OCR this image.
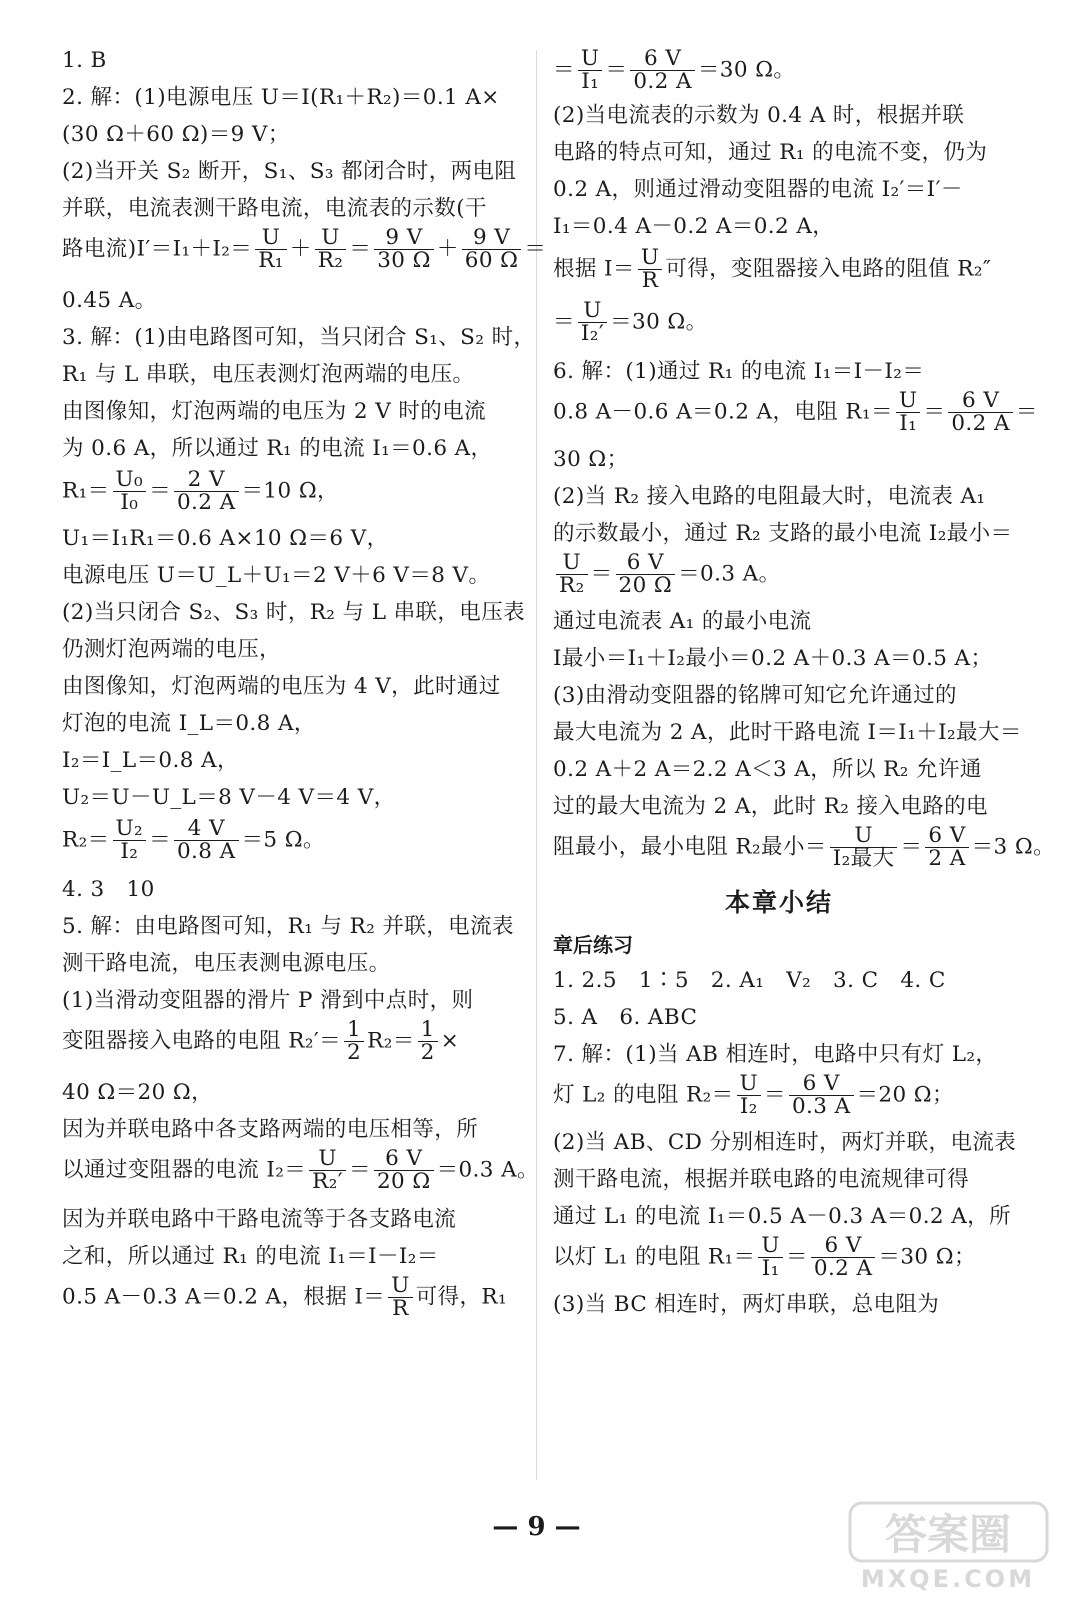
1. B
2. 解：(1)电源电压 U＝I(R₁＋R₂)＝0.1 A×
(30 Ω＋60 Ω)＝9 V；
(2)当开关 S₂ 断开，S₁、S₃ 都闭合时，两电阻
并联，电流表测干路电流，电流表的示数(干
路电流)$I'=I_1+I_2= \frac{U}{\text{R₁}} + \frac{U}{\text{R₂}} = \frac{9 V}{30 \Omega} + \frac{9 V}{60 \Omega}$ ＝
0.45 A。
3. 解：(1)由电路图可知，当只闭合 S₁、S₂ 时，
R₁ 与 L 串联，电压表测灯泡两端的电压。
由图像知，灯泡两端的电压为 2 V 时的电流
为 0.6 A，所以通过 R₁ 的电流 I₁＝0.6 A，
$R_1= \frac{\text{U₀}}{\text{I₀}} = \frac{2 V}{0.2 A} =10$ Ω，
U₁＝I₁R₁＝0.6 A×10 Ω＝6 V，
电源电压 U＝U_L＋U₁＝2 V＋6 V＝8 V。
(2)当只闭合 S₂、S₃ 时，R₂ 与 L 串联，电压表
仍测灯泡两端的电压，
由图像知，灯泡两端的电压为 4 V，此时通过
灯泡的电流 I_L＝0.8 A，
I₂＝I_L＝0.8 A，
U₂＝U－U_L＝8 V－4 V＝4 V，
$R_2= \frac{\text{U₂}}{\text{I₂}} = \frac{4 V}{0.8 A} =5$ Ω。
4. 3　10
5. 解：由电路图可知，R₁ 与 R₂ 并联，电流表
测干路电流，电压表测电源电压。
(1)当滑动变阻器的滑片 P 滑到中点时，则
变阻器接入电路的电阻 $R_2'= \frac{1}{2} R_2= \frac{1}{2}$ ×
40 Ω＝20 Ω，
因为并联电路中各支路两端的电压相等，所
以通过变阻器的电流 $I_2= \frac{U}{\text{R₂′}} = \frac{6 V}{20 \Omega} =0.3$ A。
因为并联电路中干路电流等于各支路电流
之和，所以通过 R₁ 的电流 I₁＝I－I₂＝
0.5 A－0.3 A＝0.2 A，根据 $I= \frac{U}{R}$ 可得，R₁
＝ $\frac{U}{\text{I₁}} = \frac{6 V}{0.2 A} =30$ Ω。
(2)当电流表的示数为 0.4 A 时，根据并联
电路的特点可知，通过 R₁ 的电流不变，仍为
0.2 A，则通过滑动变阻器的电流 I₂′＝I′－
I₁＝0.4 A－0.2 A＝0.2 A，
根据 $I= \frac{U}{R}$ 可得，变阻器接入电路的阻值 R₂″
＝ $\frac{U}{\text{I₂′}} =30$ Ω。
6. 解：(1)通过 R₁ 的电流 I₁＝I－I₂＝
0.8 A－0.6 A＝0.2 A，电阻 $R_1= \frac{U}{\text{I₁}} = \frac{6 V}{0.2 A}$ ＝
30 Ω；
(2)当 R₂ 接入电路的电阻最大时，电流表 A₁
的示数最小，通过 R₂ 支路的最小电流 I₂最小＝
$\frac{U}{\text{R₂}} = \frac{6 V}{20 \Omega} =0.3$ A。
通过电流表 A₁ 的最小电流
I最小＝I₁＋I₂最小＝0.2 A＋0.3 A＝0.5 A；
(3)由滑动变阻器的铭牌可知它允许通过的
最大电流为 2 A，此时干路电流 I＝I₁＋I₂最大＝
0.2 A＋2 A＝2.2 A＜3 A，所以 R₂ 允许通
过的最大电流为 2 A，此时 R₂ 接入电路的电
阻最小，最小电阻 R₂最小＝	U
I₂最大 ＝ $\frac{6 V}{2 A} =3$ Ω。
本章小结
章后练习
1. 2.5　1∶5　2. A₁　V₂　3. C　4. C
5. A　6. ABC
7. 解：(1)当 AB 相连时，电路中只有灯 L₂，
灯 L₂ 的电阻 $R_2= \frac{U}{\text{I₂}} = \frac{6 V}{0.3 A} =20$ Ω；
(2)当 AB、CD 分别相连时，两灯并联，电流表
测干路电流，根据并联电路的电流规律可得
通过 L₁ 的电流 I₁＝0.5 A－0.3 A＝0.2 A，所
以灯 L₁ 的电阻 $R_1= \frac{U}{\text{I₁}} = \frac{6 V}{0.2 A} =30$ Ω；
(3)当 BC 相连时，两灯串联，总电阻为
— 9 —	答案圈
MXQE.COM
